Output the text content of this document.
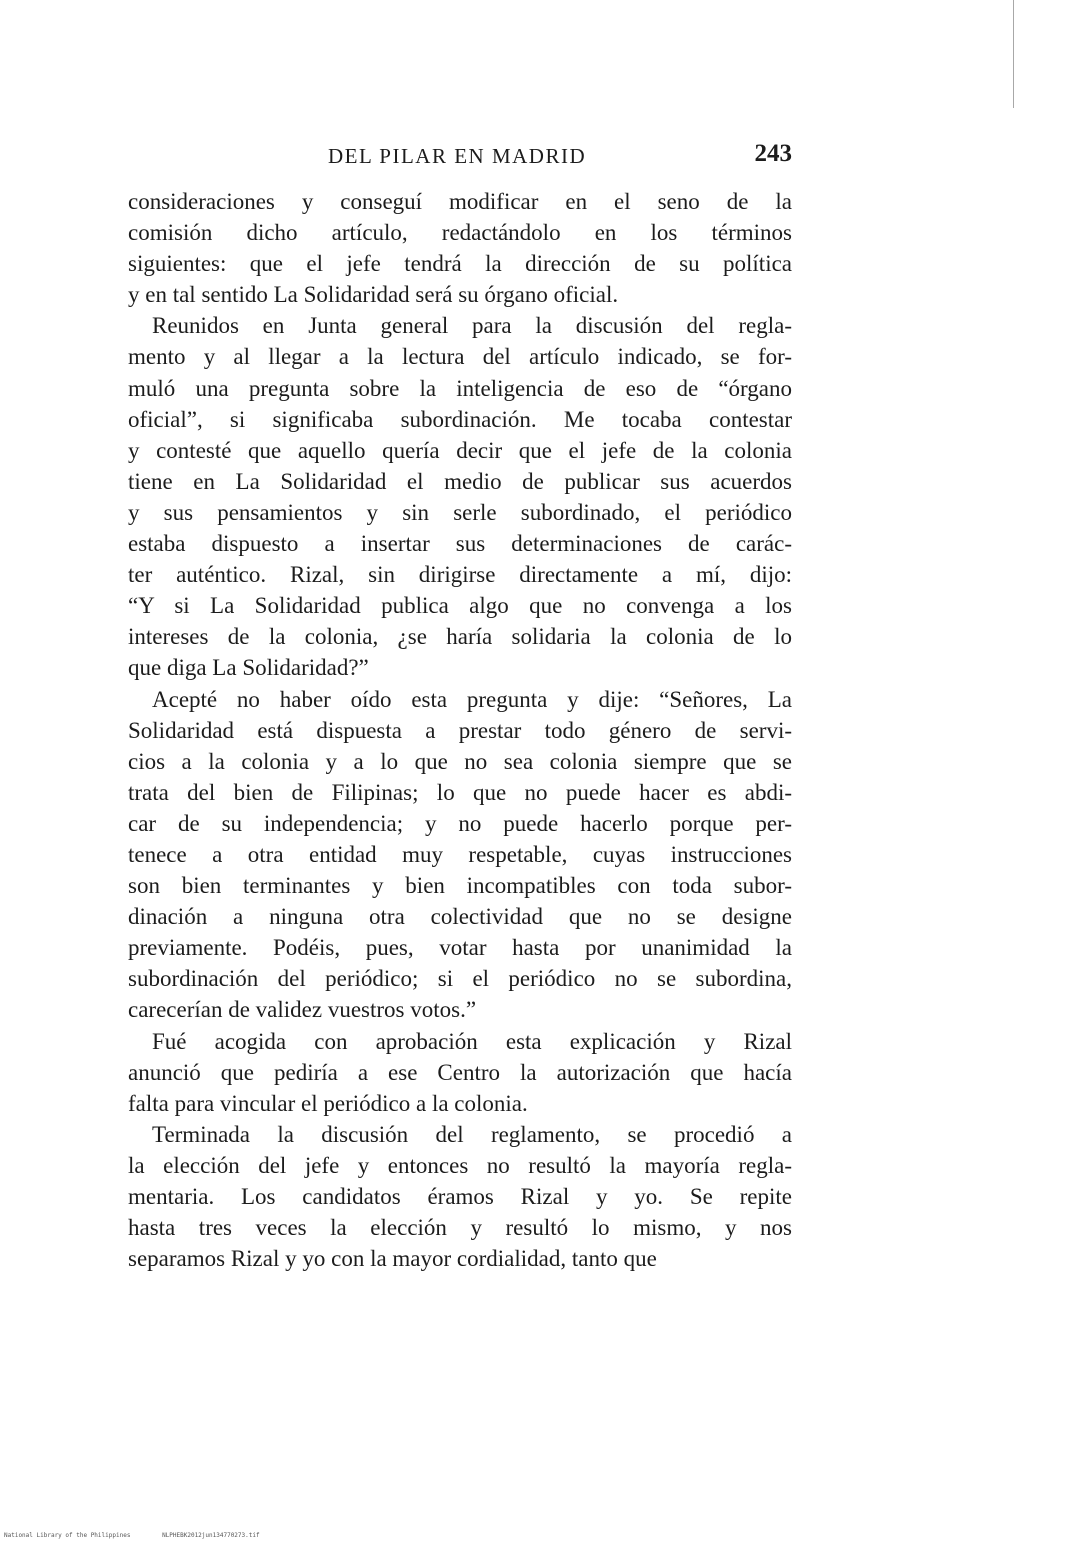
DEL PILAR EN MADRID	243
consideraciones y conseguí modificar en el seno de la
comisión dicho artículo, redactándolo en los términos
siguientes: que el jefe tendrá la dirección de su política
y en tal sentido La Solidaridad será su órgano oficial.
Reunidos en Junta general para la discusión del regla-
mento y al llegar a la lectura del artículo indicado, se for-
muló una pregunta sobre la inteligencia de eso de “órgano
oficial”, si significaba subordinación. Me tocaba contestar
y contesté que aquello quería decir que el jefe de la colonia
tiene en La Solidaridad el medio de publicar sus acuerdos
y sus pensamientos y sin serle subordinado, el periódico
estaba dispuesto a insertar sus determinaciones de carác-
ter auténtico. Rizal, sin dirigirse directamente a mí, dijo:
“Y si La Solidaridad publica algo que no convenga a los
intereses de la colonia, ¿se haría solidaria la colonia de lo
que diga La Solidaridad?”
Acepté no haber oído esta pregunta y dije: “Señores, La
Solidaridad está dispuesta a prestar todo género de servi-
cios a la colonia y a lo que no sea colonia siempre que se
trata del bien de Filipinas; lo que no puede hacer es abdi-
car de su independencia; y no puede hacerlo porque per-
tenece a otra entidad muy respetable, cuyas instrucciones
son bien terminantes y bien incompatibles con toda subor-
dinación a ninguna otra colectividad que no se designe
previamente. Podéis, pues, votar hasta por unanimidad la
subordinación del periódico; si el periódico no se subordina,
carecerían de validez vuestros votos.”
Fué acogida con aprobación esta explicación y Rizal
anunció que pediría a ese Centro la autorización que hacía
falta para vincular el periódico a la colonia.
Terminada la discusión del reglamento, se procedió a
la elección del jefe y entonces no resultó la mayoría regla-
mentaria. Los candidatos éramos Rizal y yo. Se repite
hasta tres veces la elección y resultó lo mismo, y nos
separamos Rizal y yo con la mayor cordialidad, tanto que
National Library of the Philippines	NLPHEBK2012jun134770273.tif
